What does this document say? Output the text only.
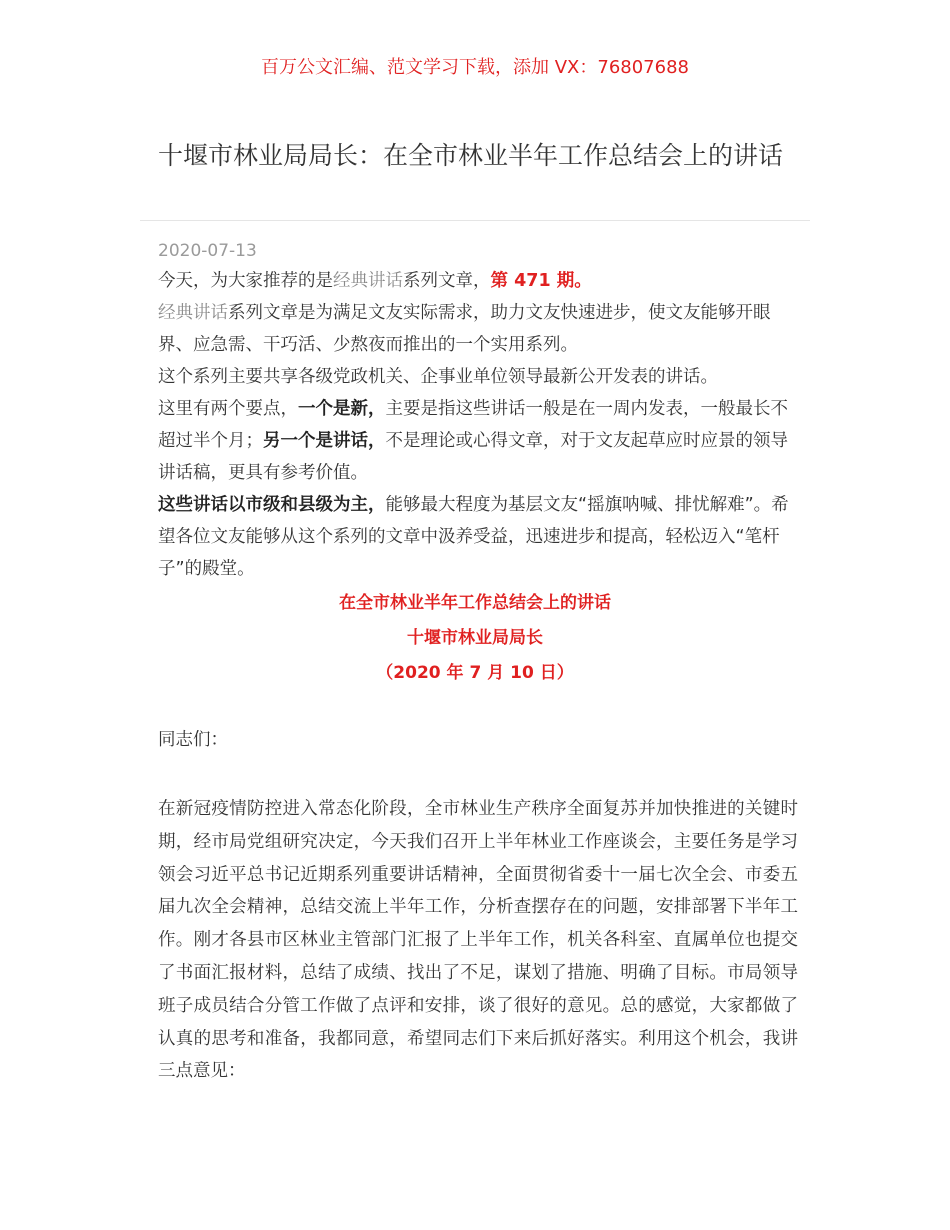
百万公文汇编、范文学习下载，添加 VX：76807688
十堰市林业局局长：在全市林业半年工作总结会上的讲话
2020-07-13

今天，为大家推荐的是经典讲话系列文章，第 471 期。

经典讲话系列文章是为满足文友实际需求，助力文友快速进步，使文友能够开眼界、应急需、干巧活、少熬夜而推出的一个实用系列。

这个系列主要共享各级党政机关、企事业单位领导最新公开发表的讲话。

这里有两个要点，一个是新，主要是指这些讲话一般是在一周内发表，一般最长不超过半个月；另一个是讲话，不是理论或心得文章，对于文友起草应时应景的领导讲话稿，更具有参考价值。

这些讲话以市级和县级为主，能够最大程度为基层文友“摇旗呐喊、排忧解难”。希望各位文友能够从这个系列的文章中汲养受益，迅速进步和提高，轻松迈入“笔杆子”的殿堂。

在全市林业半年工作总结会上的讲话
十堰市林业局局长
（2020 年 7 月 10 日）
同志们：
在新冠疫情防控进入常态化阶段，全市林业生产秩序全面复苏并加快推进的关键时期，经市局党组研究决定，今天我们召开上半年林业工作座谈会，主要任务是学习领会习近平总书记近期系列重要讲话精神，全面贯彻省委十一届七次全会、市委五届九次全会精神，总结交流上半年工作，分析查摆存在的问题，安排部署下半年工作。刚才各县市区林业主管部门汇报了上半年工作，机关各科室、直属单位也提交了书面汇报材料，总结了成绩、找出了不足，谋划了措施、明确了目标。市局领导班子成员结合分管工作做了点评和安排，谈了很好的意见。总的感觉，大家都做了认真的思考和准备，我都同意，希望同志们下来后抓好落实。利用这个机会，我讲三点意见：
